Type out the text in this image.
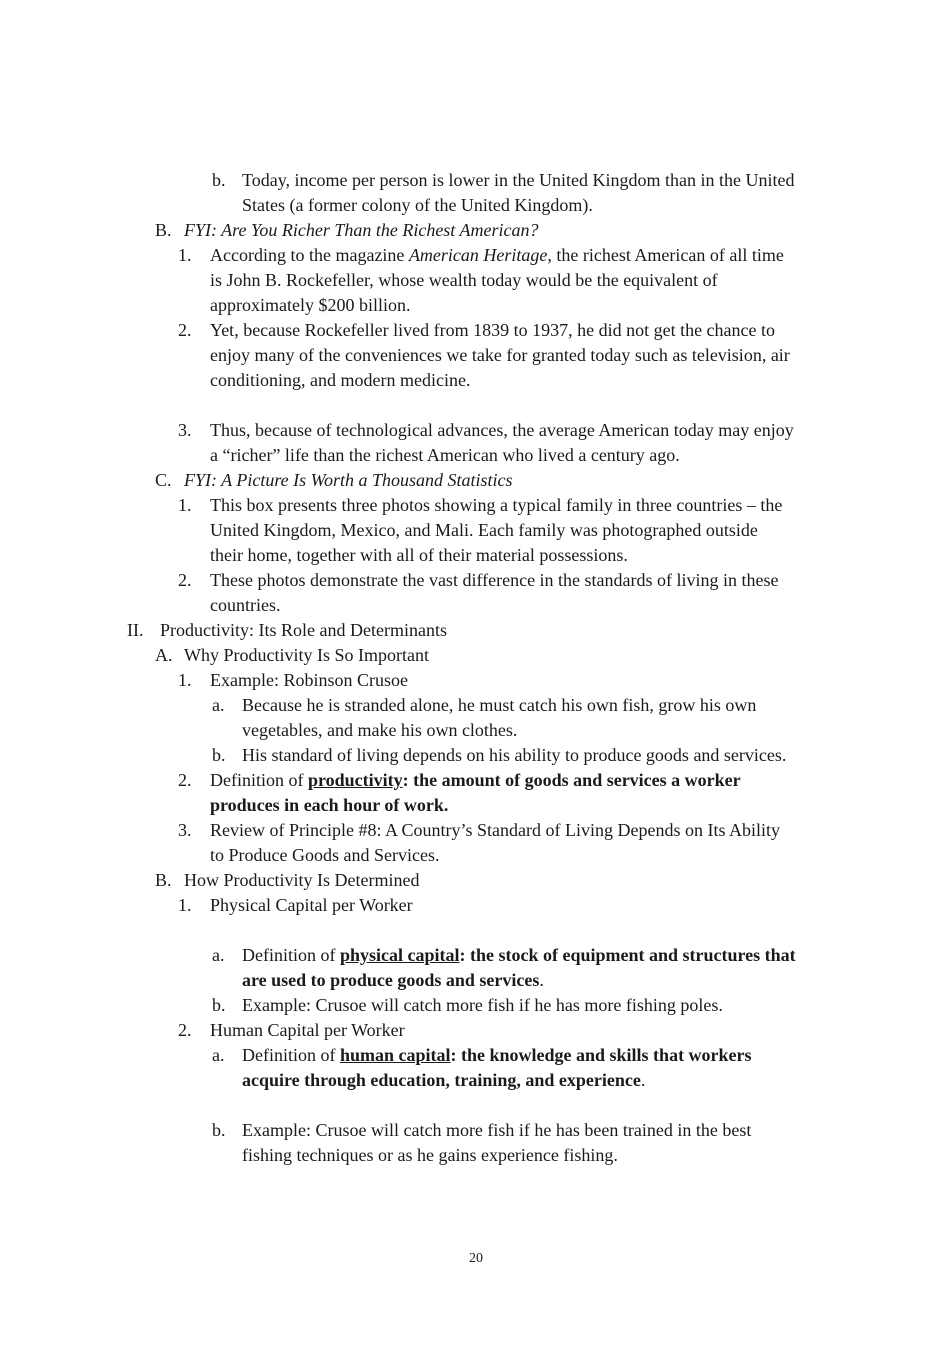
b. Today, income per person is lower in the United Kingdom than in the United
States (a former colony of the United Kingdom).
B. FYI: Are You Richer Than the Richest American?
1. According to the magazine American Heritage, the richest American of all time
is John B. Rockefeller, whose wealth today would be the equivalent of
approximately $200 billion.
2. Yet, because Rockefeller lived from 1839 to 1937, he did not get the chance to
enjoy many of the conveniences we take for granted today such as television, air
conditioning, and modern medicine.
3. Thus, because of technological advances, the average American today may enjoy
a “richer” life than the richest American who lived a century ago.
C. FYI: A Picture Is Worth a Thousand Statistics
1. This box presents three photos showing a typical family in three countries – the
United Kingdom, Mexico, and Mali. Each family was photographed outside
their home, together with all of their material possessions.
2. These photos demonstrate the vast difference in the standards of living in these
countries.
II. Productivity: Its Role and Determinants
A. Why Productivity Is So Important
1. Example: Robinson Crusoe
a. Because he is stranded alone, he must catch his own fish, grow his own
vegetables, and make his own clothes.
b. His standard of living depends on his ability to produce goods and services.
2. Definition of productivity: the amount of goods and services a worker
produces in each hour of work.
3. Review of Principle #8: A Country’s Standard of Living Depends on Its Ability
to Produce Goods and Services.
B. How Productivity Is Determined
1. Physical Capital per Worker
a. Definition of physical capital: the stock of equipment and structures that
are used to produce goods and services.
b. Example: Crusoe will catch more fish if he has more fishing poles.
2. Human Capital per Worker
a. Definition of human capital: the knowledge and skills that workers
acquire through education, training, and experience.
b. Example: Crusoe will catch more fish if he has been trained in the best
fishing techniques or as he gains experience fishing.
20
